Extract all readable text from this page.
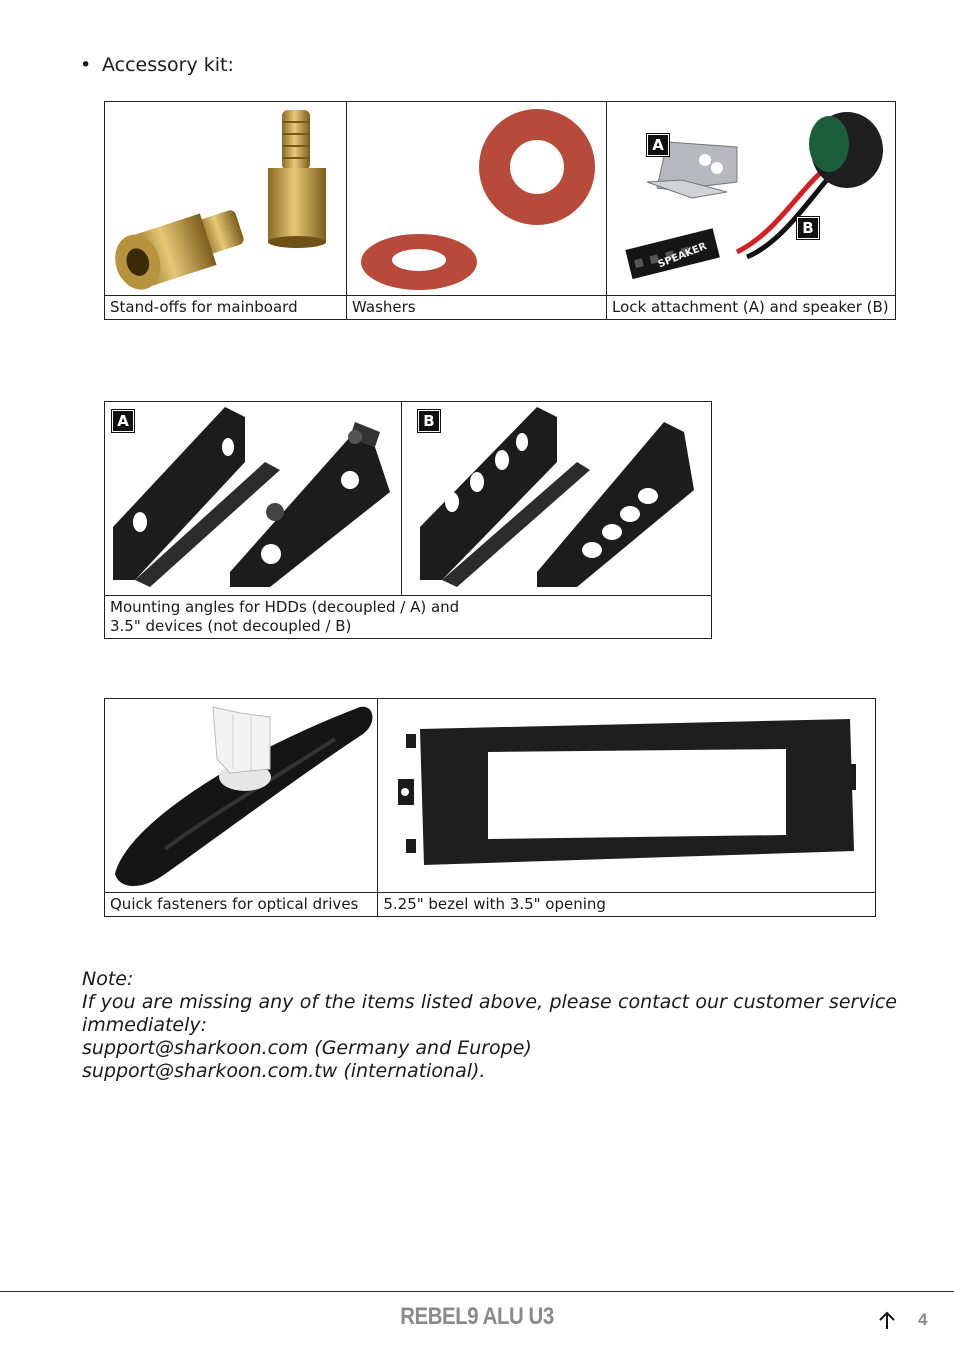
• Accessory kit:

SPEAKER
A
B

Stand-offs for mainboard	Washers	Lock attachment (A) and speaker (B)
A	B

Mounting angles for HDDs (decoupled / A) and
3.5" devices (not decoupled / B)

Quick fasteners for optical drives	5.25" bezel with 3.5" opening
Note:
If you are missing any of the items listed above, please contact our customer service
immediately:
support@sharkoon.com (Germany and Europe)
support@sharkoon.com.tw (international).
REBEL9 ALU U3	4
